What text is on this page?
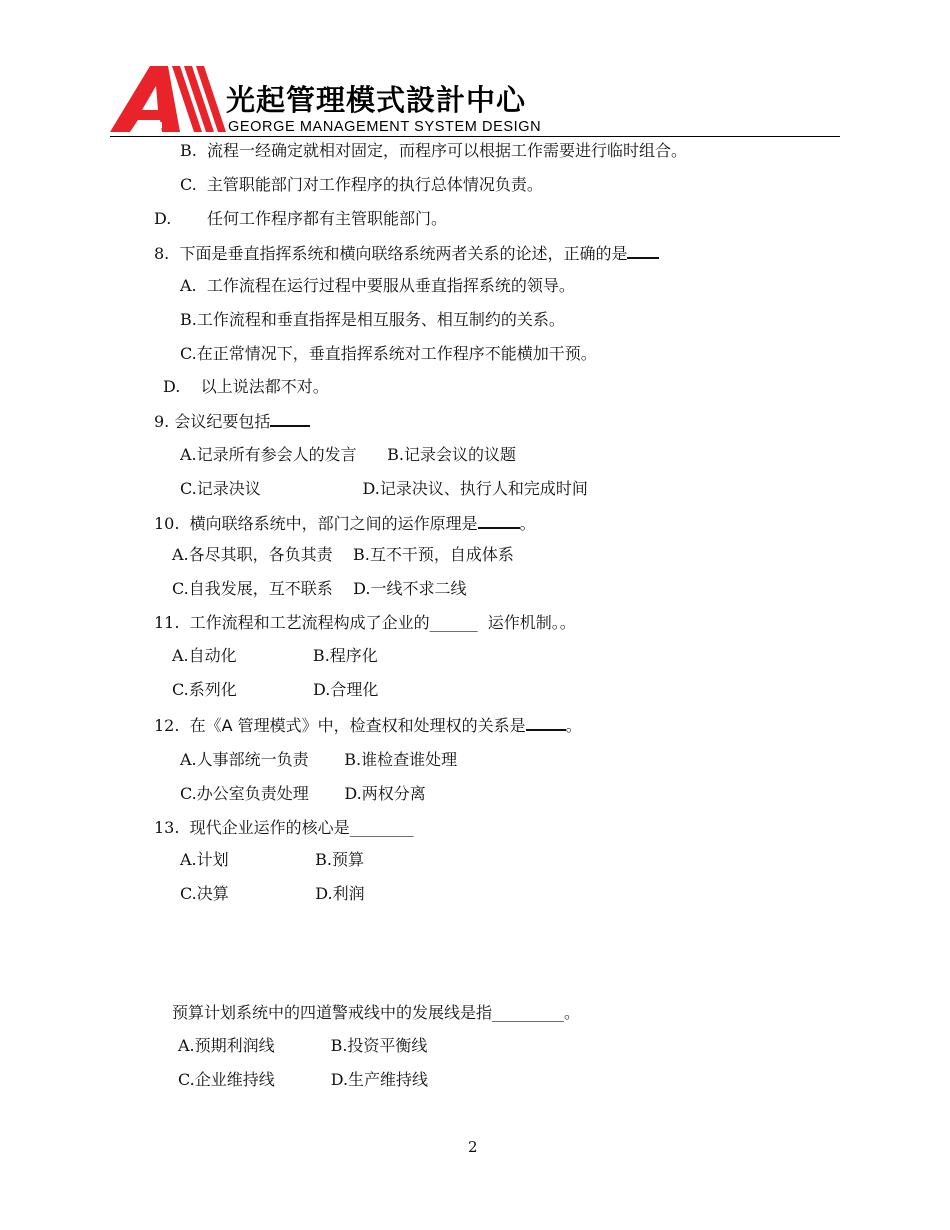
光起管理模式設計中心
GEORGE MANAGEMENT SYSTEM DESIGN
B.  流程一经确定就相对固定，而程序可以根据工作需要进行临时组合。
C.  主管职能部门对工作程序的执行总体情况负责。
D.       任何工作程序都有主管职能部门。
8.  下面是垂直指挥系统和横向联络系统两者关系的论述，正确的是
A.  工作流程在运行过程中要服从垂直指挥系统的领导。
B.工作流程和垂直指挥是相互服务、相互制约的关系。
C.在正常情况下，垂直指挥系统对工作程序不能横加干预。
D.    以上说法都不对。
9. 会议纪要包括
A.记录所有参会人的发言      B.记录会议的议题
C.记录决议                    D.记录决议、执行人和完成时间
10.  横向联络系统中，部门之间的运作原理是	。
A.各尽其职，各负其责    B.互不干预，自成体系
C.自我发展，互不联系    D.一线不求二线
11.  工作流程和工艺流程构成了企业的______  运作机制。。
A.自动化               B.程序化
C.系列化               D.合理化
12.  在《A 管理模式》中，检查权和处理权的关系是	。
A.人事部统一负责       B.谁检查谁处理
C.办公室负责处理       D.两权分离
13.  现代企业运作的核心是________
A.计划                 B.预算
C.决算                 D.利润
预算计划系统中的四道警戒线中的发展线是指_________。
A.预期利润线           B.投资平衡线
C.企业维持线           D.生产维持线
2
